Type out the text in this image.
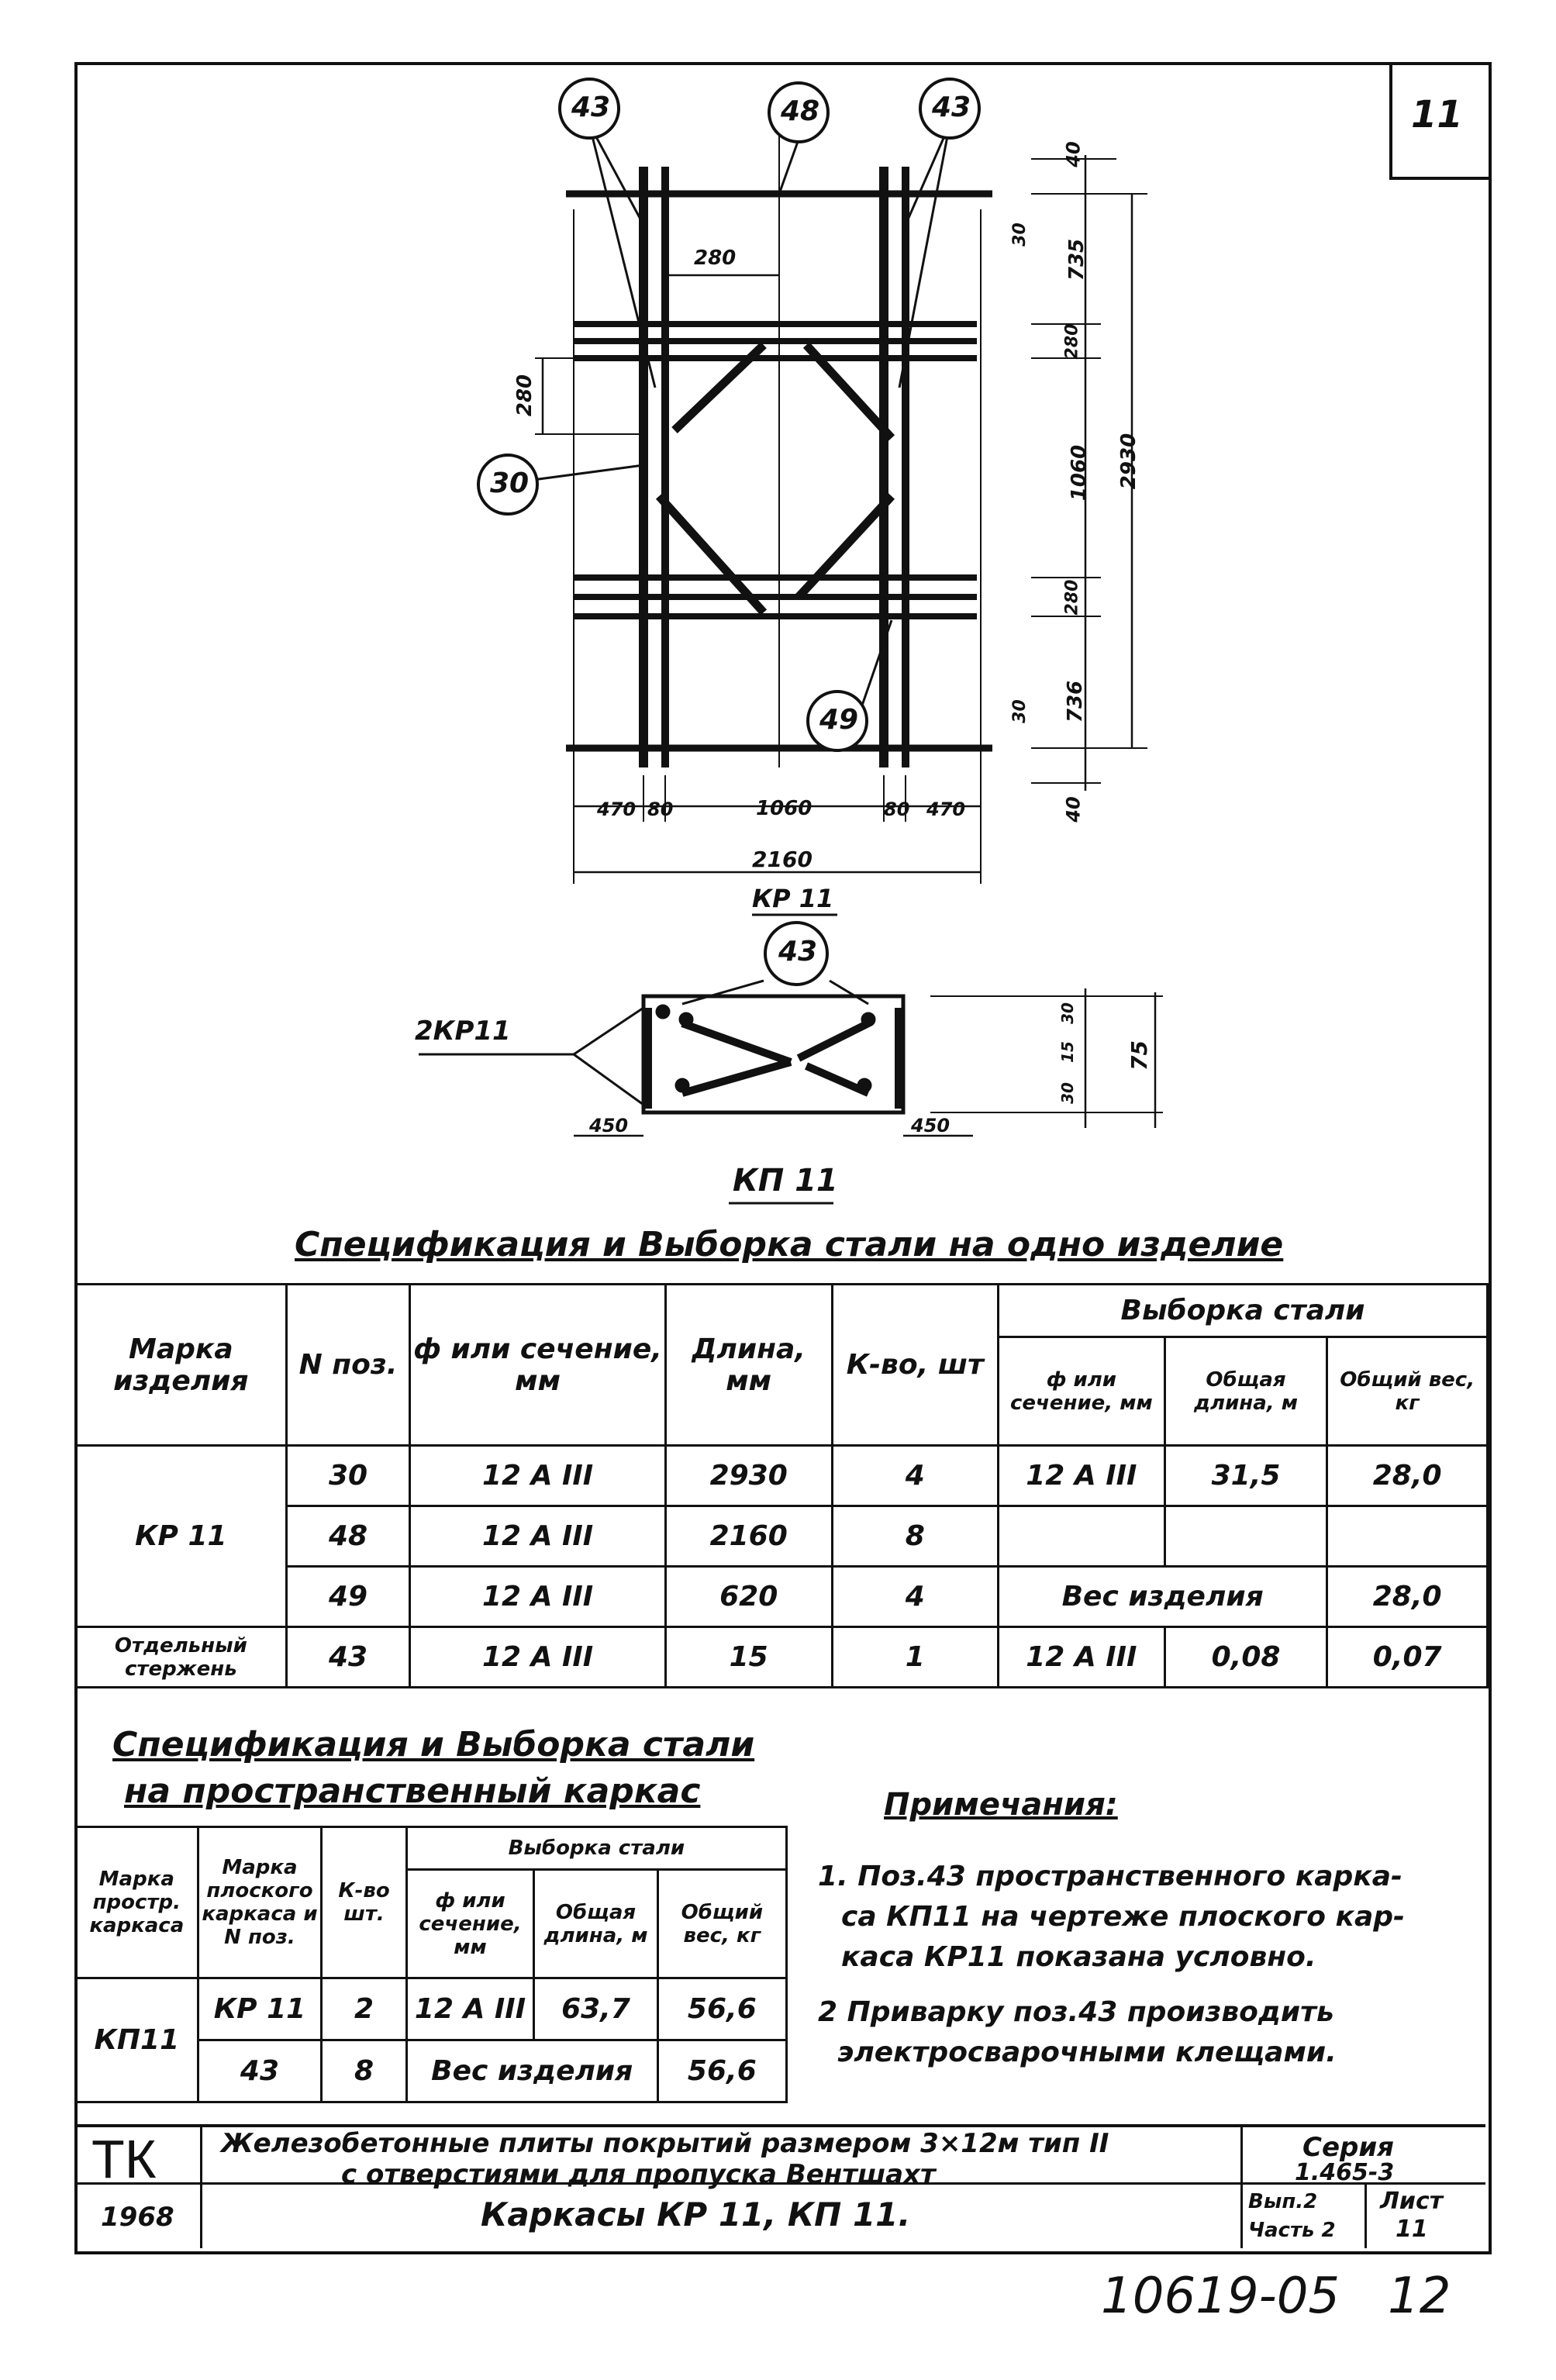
11
43	48	43
30
49
43
280
280
470 80	1060	80 470
2160
40
735
30
280
1060 2930
280
736
30
40
КР 11
2КР11
450	450
30
15
30
75
КП 11
Спецификация и Выборка стали на одно изделие
Марка изделия	N поз.	ф или сечение, мм	Длина, мм	К-во, шт	Выборка стали		
					ф или сечение, мм	Общая длина, м	Общий вес, кг
КР 11	30	12 А III	2930	4	12 А III	31,5	28,0
	48	12 А III	2160	8			
	49	12 А III	620	4	Вес изделия		28,0
Отдельный стержень	43	12 А III	15	1	12 А III	0,08	0,07
Спецификация и Выборка стали
на пространственный каркас
Марка простр. каркаса	Марка плоского каркаса и N поз.	К-во шт.	Выборка стали		
			ф или сечение, мм	Общая длина, м	Общий вес, кг
КП11	КР 11	2	12 А III	63,7	56,6
	43	8	Вес изделия		56,6
Примечания:
1. Поз.43 пространственного карка-
са КП11 на чертеже плоского кар-
каса КР11 показана условно.
2 Приварку поз.43 производить
электросварочными клещами.
ТК Железобетонные плиты покрытий размером 3×12м тип II
с отверстиями для пропуска Вентшахт
Серия
1.465-3
1968	Каркасы КР 11, КП 11.	Вып.2
Часть 2
Лист
11
10619-05 12
